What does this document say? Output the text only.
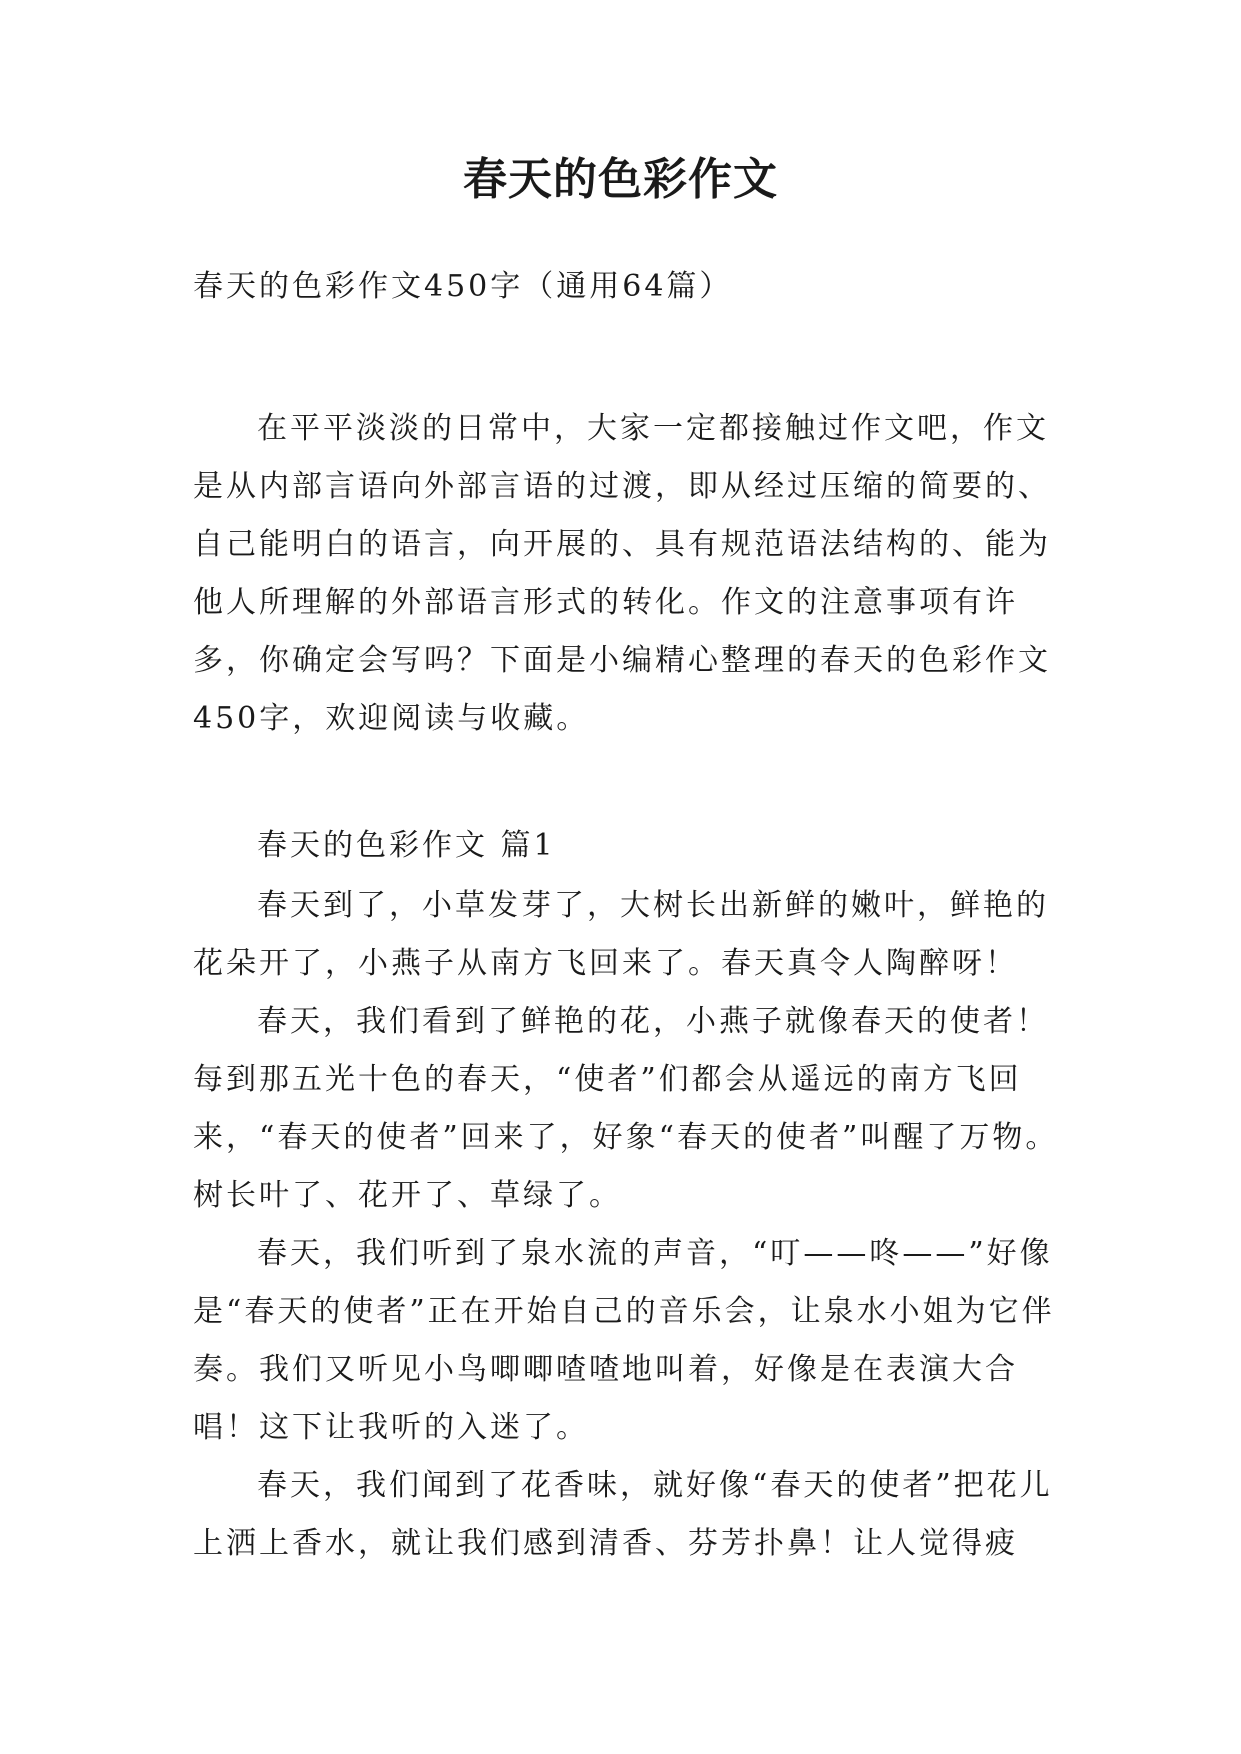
春天的色彩作文

春天的色彩作文450字（通用64篇）

在平平淡淡的日常中，大家一定都接触过作文吧，作文是从内部言语向外部言语的过渡，即从经过压缩的简要的、自己能明白的语言，向开展的、具有规范语法结构的、能为他人所理解的外部语言形式的转化。作文的注意事项有许多，你确定会写吗？下面是小编精心整理的春天的色彩作文450字，欢迎阅读与收藏。

春天的色彩作文 篇1

春天到了，小草发芽了，大树长出新鲜的嫩叶，鲜艳的花朵开了，小燕子从南方飞回来了。春天真令人陶醉呀！

春天，我们看到了鲜艳的花，小燕子就像春天的使者！每到那五光十色的春天，“使者”们都会从遥远的南方飞回来，“春天的使者”回来了，好象“春天的使者”叫醒了万物。树长叶了、花开了、草绿了。

春天，我们听到了泉水流的声音，“叮——咚——”好像是“春天的使者”正在开始自己的音乐会，让泉水小姐为它伴奏。我们又听见小鸟唧唧喳喳地叫着，好像是在表演大合唱！这下让我听的入迷了。

春天，我们闻到了花香味，就好像“春天的使者”把花儿上洒上香水，就让我们感到清香、芬芳扑鼻！让人觉得疲
